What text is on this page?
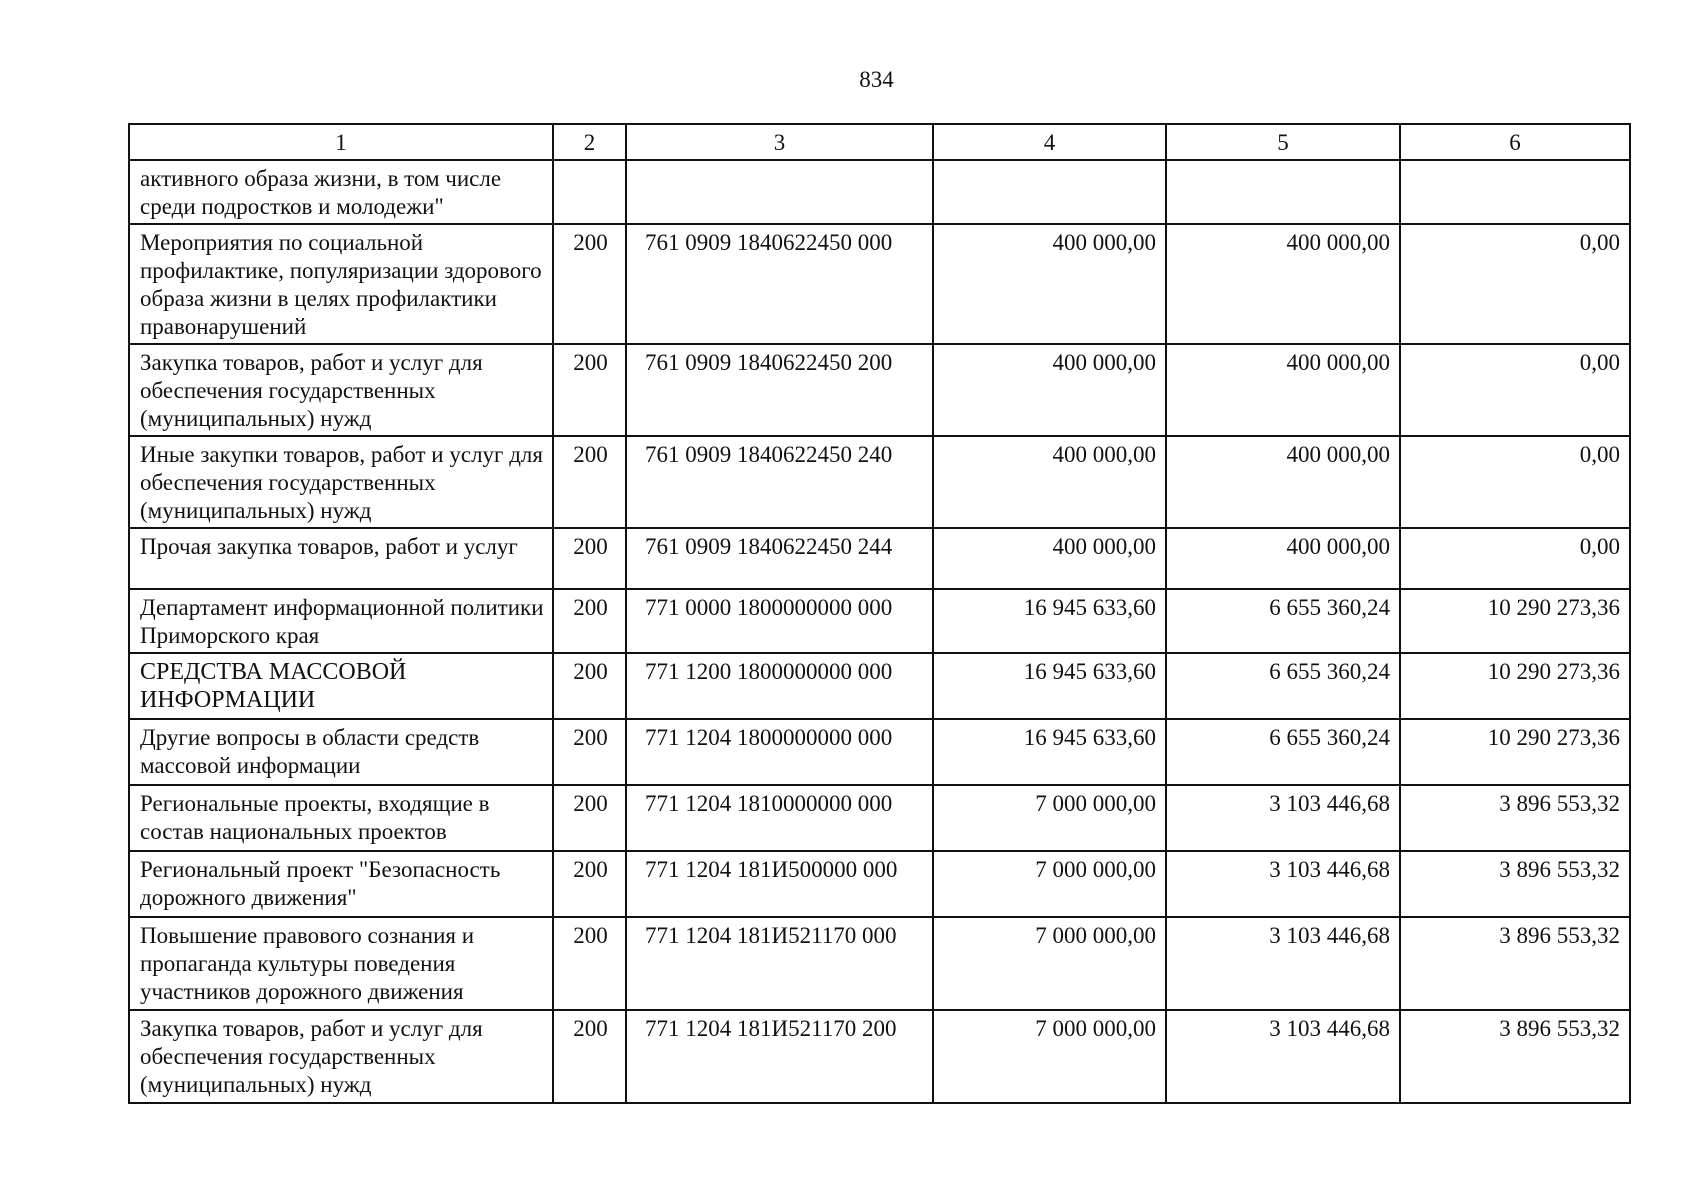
834
1	2	3	4	5	6
активного образа жизни, в том числе среди подростков и молодежи"					
Мероприятия по социальной профилактике, популяризации здорового образа жизни в целях профилактики правонарушений	200	761 0909 1840622450 000	400 000,00	400 000,00	0,00
Закупка товаров, работ и услуг для обеспечения государственных (муниципальных) нужд	200	761 0909 1840622450 200	400 000,00	400 000,00	0,00
Иные закупки товаров, работ и услуг для обеспечения государственных (муниципальных) нужд	200	761 0909 1840622450 240	400 000,00	400 000,00	0,00
Прочая закупка товаров, работ и услуг	200	761 0909 1840622450 244	400 000,00	400 000,00	0,00
Департамент информационной политики Приморского края	200	771 0000 1800000000 000	16 945 633,60	6 655 360,24	10 290 273,36
СРЕДСТВА МАССОВОЙ ИНФОРМАЦИИ	200	771 1200 1800000000 000	16 945 633,60	6 655 360,24	10 290 273,36
Другие вопросы в области средств массовой информации	200	771 1204 1800000000 000	16 945 633,60	6 655 360,24	10 290 273,36
Региональные проекты, входящие в состав национальных проектов	200	771 1204 1810000000 000	7 000 000,00	3 103 446,68	3 896 553,32
Региональный проект "Безопасность дорожного движения"	200	771 1204 181И500000 000	7 000 000,00	3 103 446,68	3 896 553,32
Повышение правового сознания и пропаганда культуры поведения участников дорожного движения	200	771 1204 181И521170 000	7 000 000,00	3 103 446,68	3 896 553,32
Закупка товаров, работ и услуг для обеспечения государственных (муниципальных) нужд	200	771 1204 181И521170 200	7 000 000,00	3 103 446,68	3 896 553,32
